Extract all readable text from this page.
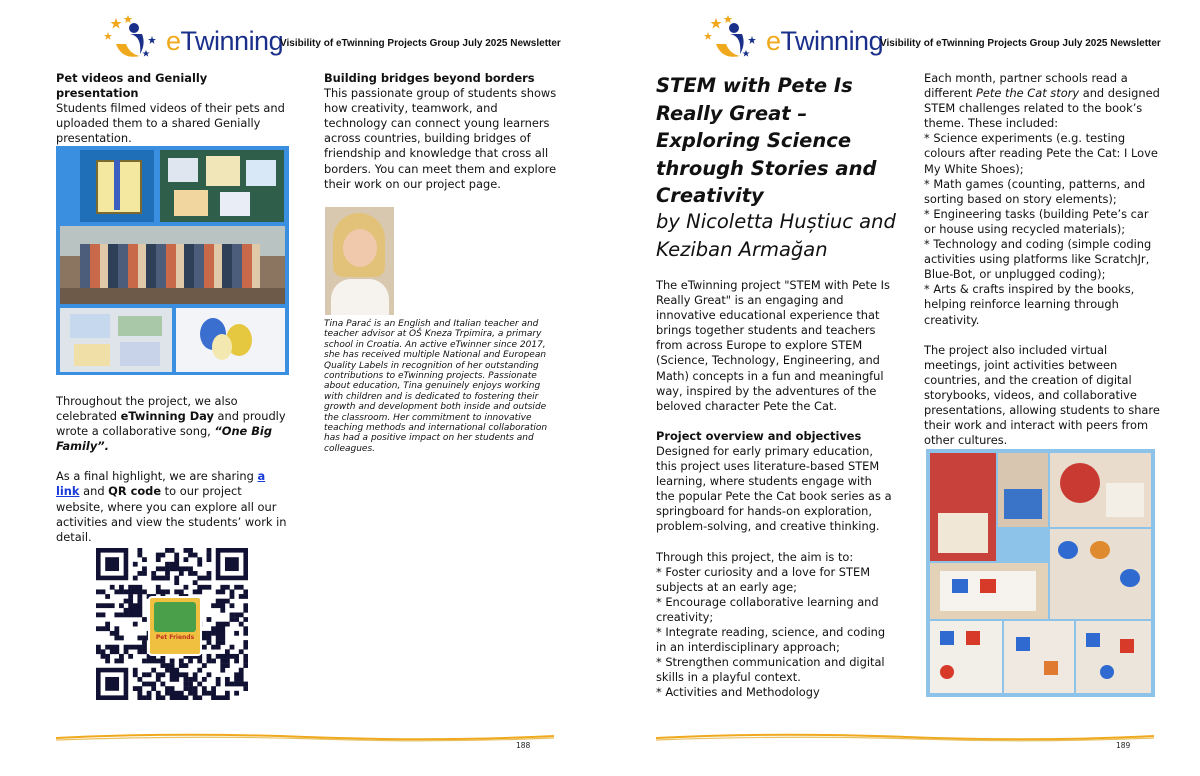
eTwinning
Visibility of eTwinning Projects Group July 2025 Newsletter

Pet videos and Genially presentation

Students filmed videos of their pets and uploaded them to a shared Genially presentation.

Throughout the project, we also celebrated eTwinning Day and proudly wrote a collaborative song, “One Big Family”.

As a final highlight, we are sharing a link and QR code to our project website, where you can explore all our activities and view the students’ work in detail.

Pet Friends

Building bridges beyond borders

This passionate group of students shows how creativity, teamwork, and technology can connect young learners across countries, building bridges of friendship and knowledge that cross all borders. You can meet them and explore their work on our project page.

Tina Parać is an English and Italian teacher and teacher advisor at OŠ Kneza Trpimira, a primary school in Croatia. An active eTwinner since 2017, she has received multiple National and European Quality Labels in recognition of her outstanding contributions to eTwinning projects. Passionate about education, Tina genuinely enjoys working with children and is dedicated to fostering their growth and development both inside and outside the classroom. Her commitment to innovative teaching methods and international collaboration has had a positive impact on her students and colleagues.
188
eTwinning
Visibility of eTwinning Projects Group July 2025 Newsletter
STEM with Pete Is Really Great – Exploring Science through Stories and Creativity
by Nicoletta Huștiuc and Keziban Armağan

The eTwinning project "STEM with Pete Is Really Great" is an engaging and innovative educational experience that brings together students and teachers from across Europe to explore STEM (Science, Technology, Engineering, and Math) concepts in a fun and meaningful way, inspired by the adventures of the beloved character Pete the Cat.

Project overview and objectives

Designed for early primary education, this project uses literature-based STEM learning, where students engage with the popular Pete the Cat book series as a springboard for hands-on exploration, problem-solving, and creative thinking.

Through this project, the aim is to:

* Foster curiosity and a love for STEM subjects at an early age;

* Encourage collaborative learning and creativity;

* Integrate reading, science, and coding in an interdisciplinary approach;

* Strengthen communication and digital skills in a playful context.

* Activities and Methodology

Each month, partner schools read a different Pete the Cat story and designed STEM challenges related to the book’s theme. These included:

* Science experiments (e.g. testing colours after reading Pete the Cat: I Love My White Shoes);

* Math games (counting, patterns, and sorting based on story elements);

* Engineering tasks (building Pete’s car or house using recycled materials);

* Technology and coding (simple coding activities using platforms like ScratchJr, Blue-Bot, or unplugged coding);

* Arts & crafts inspired by the books, helping reinforce learning through creativity.

The project also included virtual meetings, joint activities between countries, and the creation of digital storybooks, videos, and collaborative presentations, allowing students to share their work and interact with peers from other cultures.

189
